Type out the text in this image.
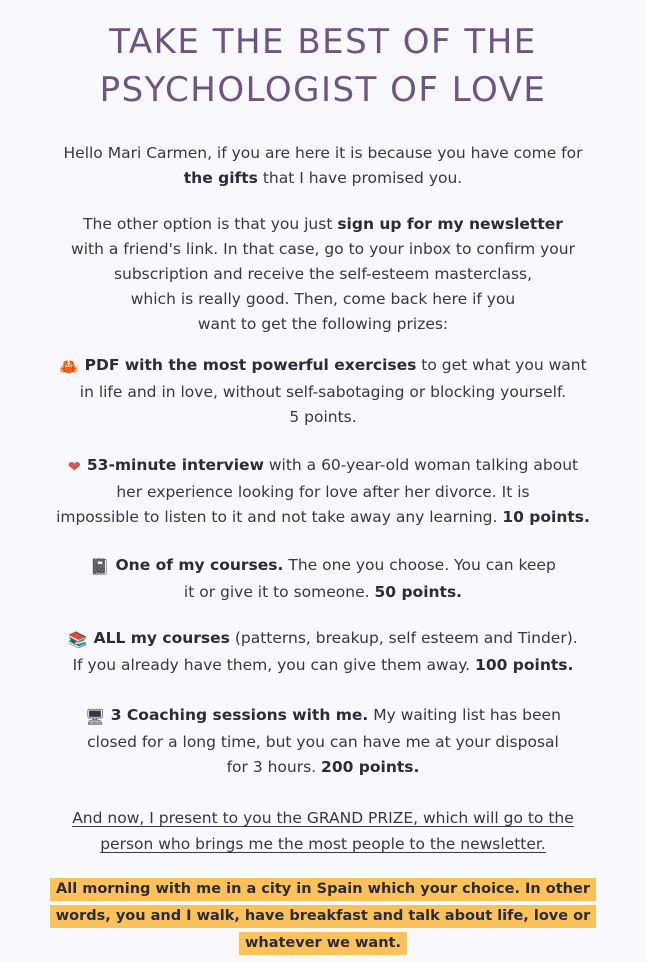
TAKE THE BEST OF THE
PSYCHOLOGIST OF LOVE

Hello Mari Carmen, if you are here it is because you have come for
the gifts that I have promised you.

The other option is that you just sign up for my newsletter
with a friend's link. In that case, go to your inbox to confirm your
subscription and receive the self-esteem masterclass,
which is really good. Then, come back here if you
want to get the following prizes:

🦀 PDF with the most powerful exercises to get what you want
in life and in love, without self-sabotaging or blocking yourself.
5 points.

❤ 53-minute interview with a 60-year-old woman talking about
her experience looking for love after her divorce. It is
impossible to listen to it and not take away any learning. 10 points.

📓 One of my courses. The one you choose. You can keep
it or give it to someone. 50 points.

📚 ALL my courses (patterns, breakup, self esteem and Tinder).
If you already have them, you can give them away. 100 points.

🖥 3 Coaching sessions with me. My waiting list has been
closed for a long time, but you can have me at your disposal
for 3 hours. 200 points.

And now, I present to you the GRAND PRIZE, which will go to the
person who brings me the most people to the newsletter.
All morning with me in a city in Spain which your choice. In other
words, you and I walk, have breakfast and talk about life, love or
whatever we want.
